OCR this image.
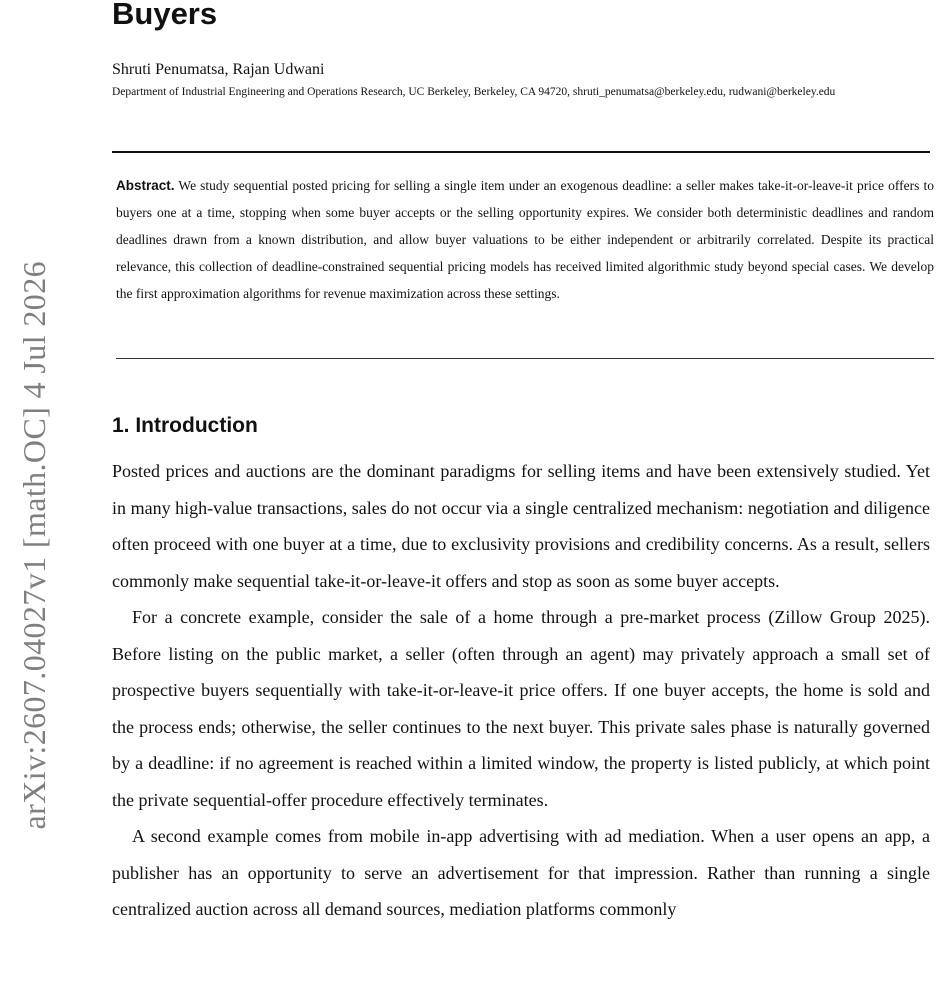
arXiv:2607.04027v1 [math.OC] 4 Jul 2026
Buyers
Shruti Penumatsa, Rajan Udwani
Department of Industrial Engineering and Operations Research, UC Berkeley, Berkeley, CA 94720, shruti_penumatsa@berkeley.edu, rudwani@berkeley.edu

Abstract. We study sequential posted pricing for selling a single item under an exogenous deadline: a seller makes take-it-or-leave-it price offers to buyers one at a time, stopping when some buyer accepts or the selling opportunity expires. We consider both deterministic deadlines and random deadlines drawn from a known distribution, and allow buyer valuations to be either independent or arbitrarily correlated. Despite its practical relevance, this collection of deadline-constrained sequential pricing models has received limited algorithmic study beyond special cases. We develop the first approximation algorithms for revenue maximization across these settings.

1. Introduction

Posted prices and auctions are the dominant paradigms for selling items and have been extensively studied. Yet in many high-value transactions, sales do not occur via a single centralized mechanism: negotiation and diligence often proceed with one buyer at a time, due to exclusivity provisions and credibility concerns. As a result, sellers commonly make sequential take-it-or-leave-it offers and stop as soon as some buyer accepts.

For a concrete example, consider the sale of a home through a pre-market process (Zillow Group 2025). Before listing on the public market, a seller (often through an agent) may privately approach a small set of prospective buyers sequentially with take-it-or-leave-it price offers. If one buyer accepts, the home is sold and the process ends; otherwise, the seller continues to the next buyer. This private sales phase is naturally governed by a deadline: if no agreement is reached within a limited window, the property is listed publicly, at which point the private sequential-offer procedure effectively terminates.

A second example comes from mobile in-app advertising with ad mediation. When a user opens an app, a publisher has an opportunity to serve an advertisement for that impression. Rather than running a single centralized auction across all demand sources, mediation platforms commonly
